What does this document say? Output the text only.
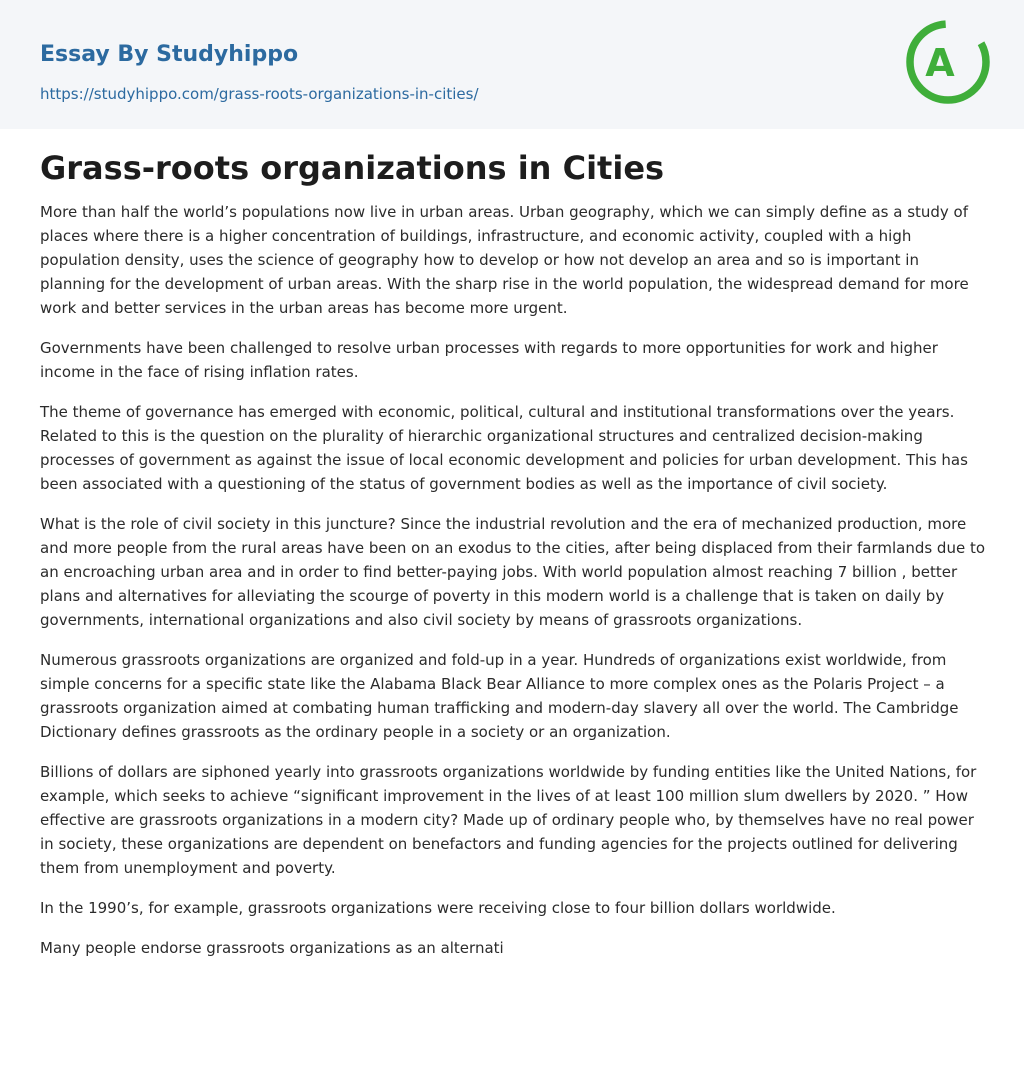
Essay By Studyhippo
https://studyhippo.com/grass-roots-organizations-in-cities/
A
Grass-roots organizations in Cities

More than half the world’s populations now live in urban areas. Urban geography, which we can simply define as a study of places where there is a higher concentration of buildings, infrastructure, and economic activity, coupled with a high population density, uses the science of geography how to develop or how not develop an area and so is important in planning for the development of urban areas. With the sharp rise in the world population, the widespread demand for more work and better services in the urban areas has become more urgent.

Governments have been challenged to resolve urban processes with regards to more opportunities for work and higher income in the face of rising inflation rates.

The theme of governance has emerged with economic, political, cultural and institutional transformations over the years. Related to this is the question on the plurality of hierarchic organizational structures and centralized decision-making processes of government as against the issue of local economic development and policies for urban development. This has been associated with a questioning of the status of government bodies as well as the importance of civil society.

What is the role of civil society in this juncture? Since the industrial revolution and the era of mechanized production, more and more people from the rural areas have been on an exodus to the cities, after being displaced from their farmlands due to an encroaching urban area and in order to find better-paying jobs. With world population almost reaching 7 billion , better plans and alternatives for alleviating the scourge of poverty in this modern world is a challenge that is taken on daily by governments, international organizations and also civil society by means of grassroots organizations.

Numerous grassroots organizations are organized and fold-up in a year. Hundreds of organizations exist worldwide, from simple concerns for a specific state like the Alabama Black Bear Alliance to more complex ones as the Polaris Project – a grassroots organization aimed at combating human trafficking and modern-day slavery all over the world. The Cambridge Dictionary defines grassroots as the ordinary people in a society or an organization.

Billions of dollars are siphoned yearly into grassroots organizations worldwide by funding entities like the United Nations, for example, which seeks to achieve “significant improvement in the lives of at least 100 million slum dwellers by 2020. ” How effective are grassroots organizations in a modern city? Made up of ordinary people who, by themselves have no real power in society, these organizations are dependent on benefactors and funding agencies for the projects outlined for delivering them from unemployment and poverty.

In the 1990’s, for example, grassroots organizations were receiving close to four billion dollars worldwide.

Many people endorse grassroots organizations as an alternati
